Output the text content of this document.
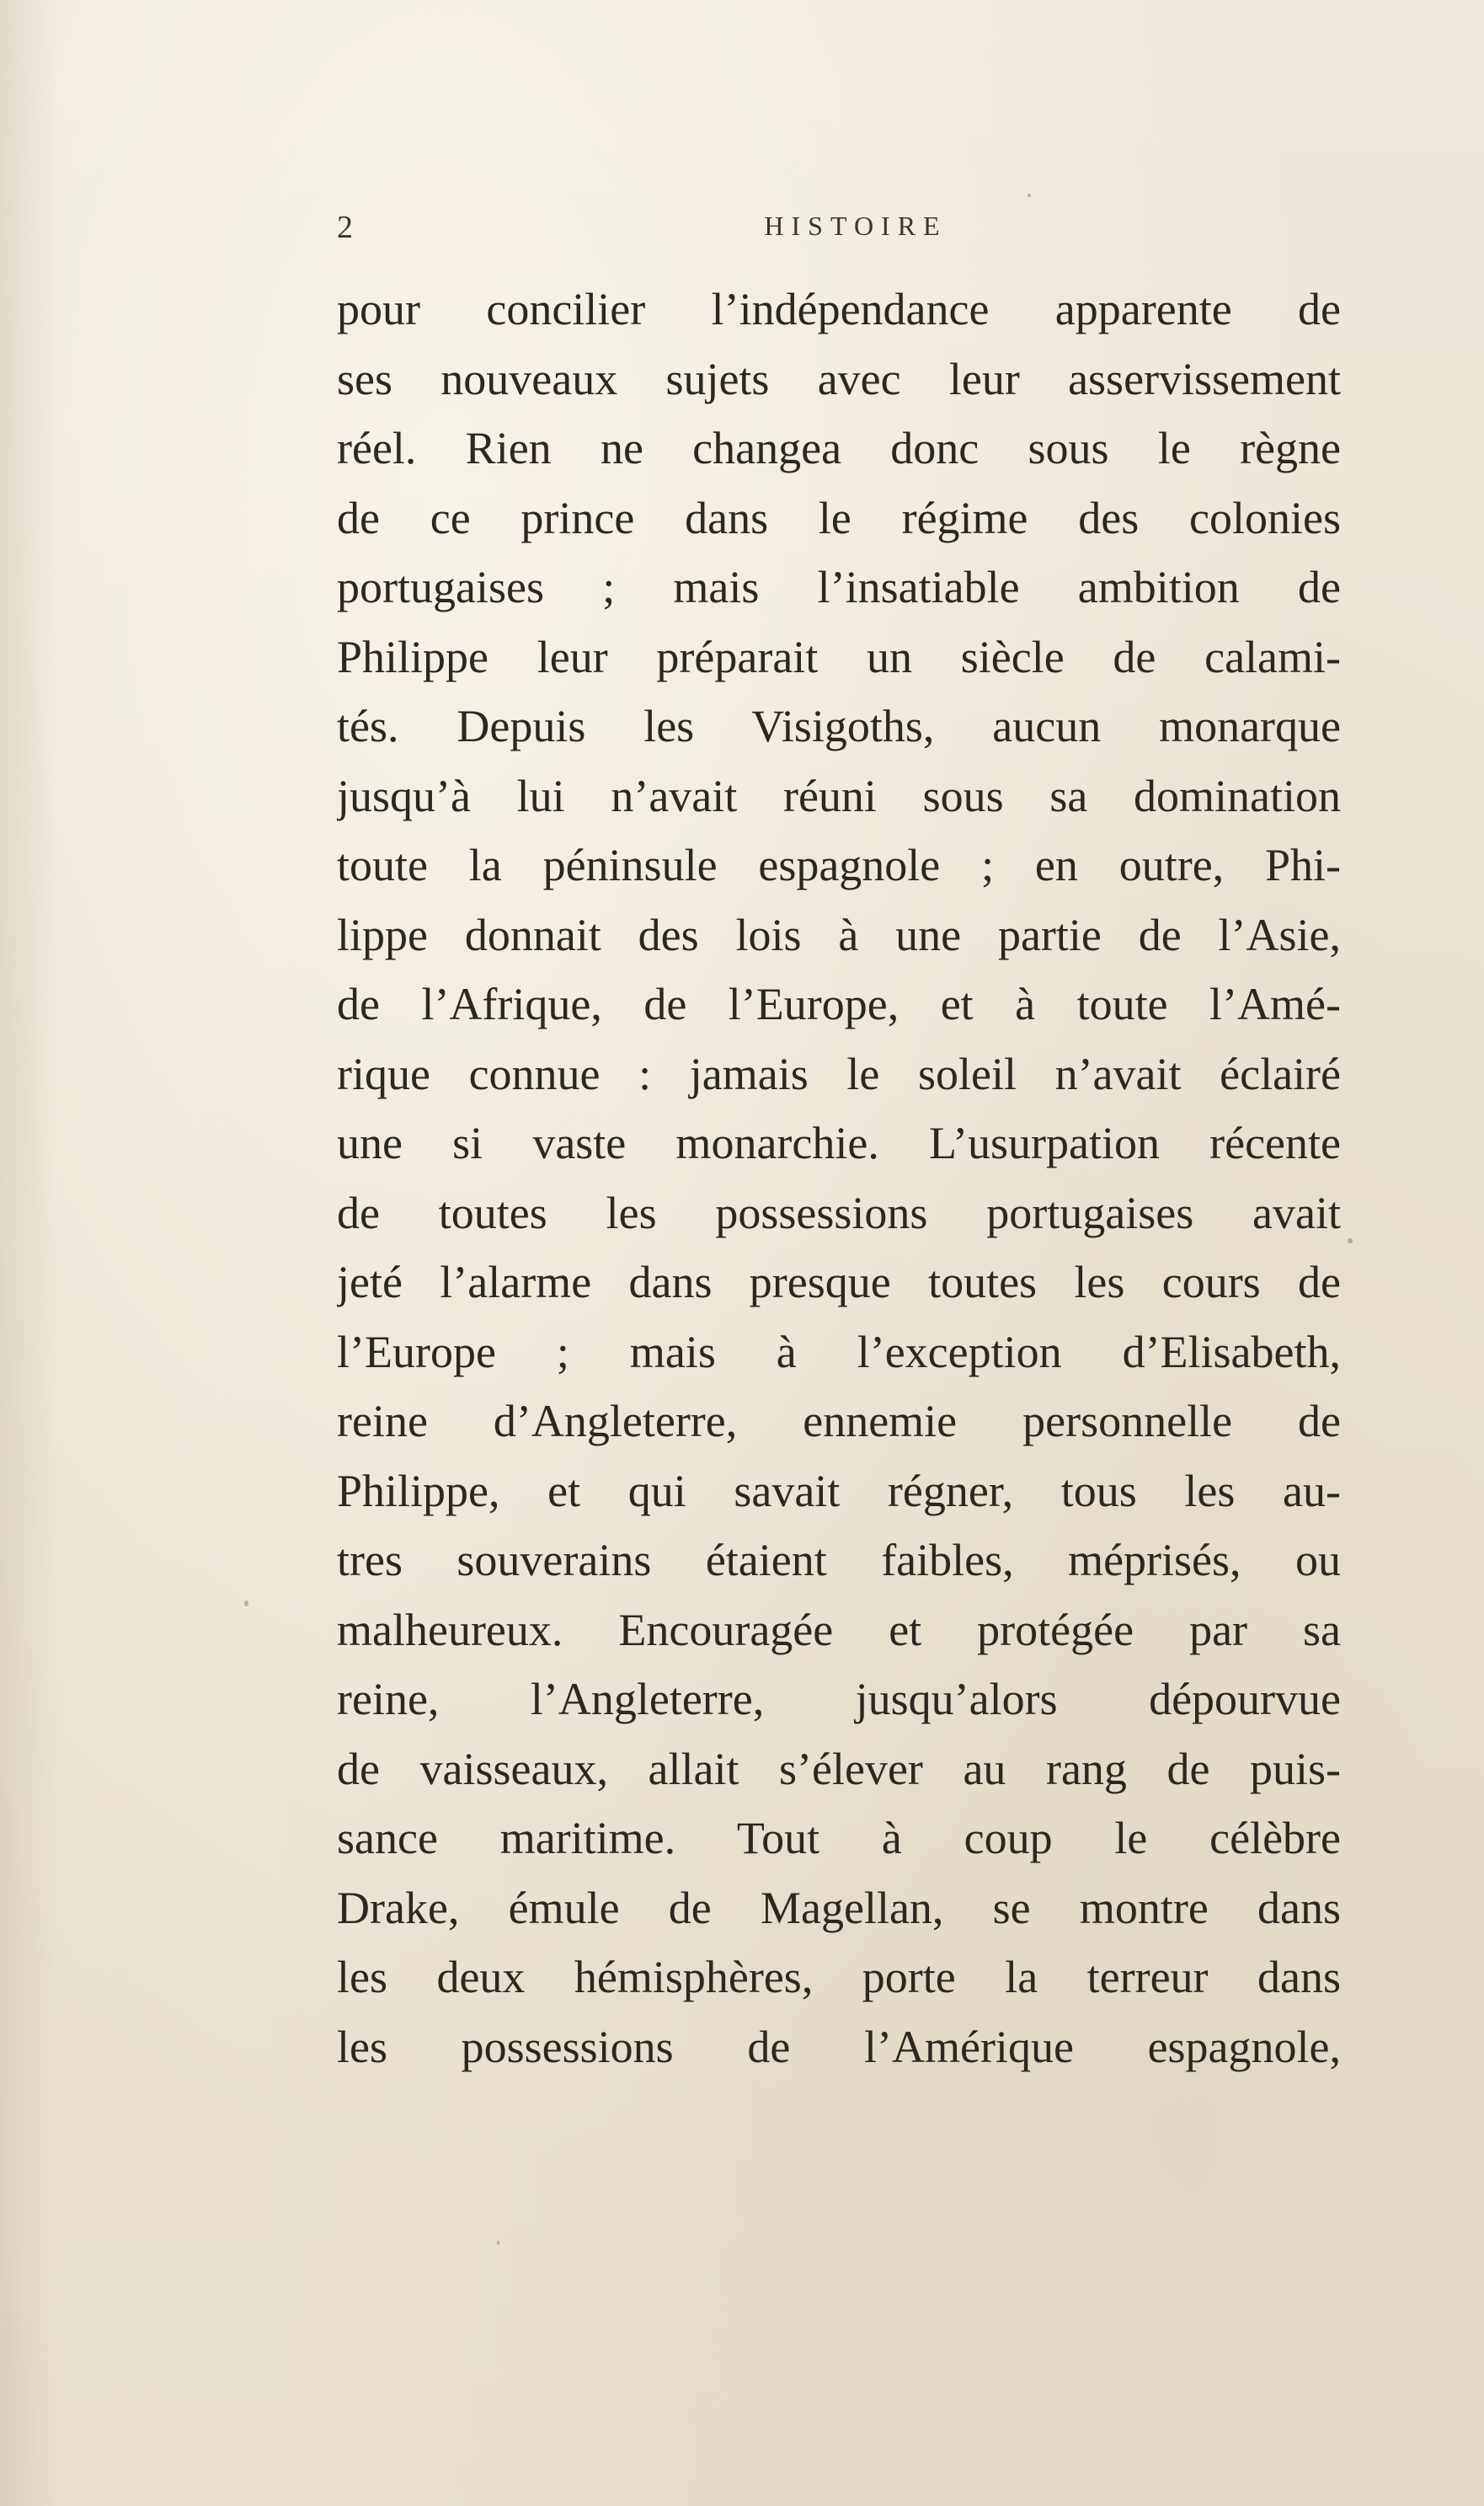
2	HISTOIRE
pour concilier l’indépendance apparente de
ses nouveaux sujets avec leur asservissement
réel. Rien ne changea donc sous le règne
de ce prince dans le régime des colonies
portugaises ; mais l’insatiable ambition de
Philippe leur préparait un siècle de calami-
tés. Depuis les Visigoths, aucun monarque
jusqu’à lui n’avait réuni sous sa domination
toute la péninsule espagnole ; en outre, Phi-
lippe donnait des lois à une partie de l’Asie,
de l’Afrique, de l’Europe, et à toute l’Amé-
rique connue : jamais le soleil n’avait éclairé
une si vaste monarchie. L’usurpation récente
de toutes les possessions portugaises avait
jeté l’alarme dans presque toutes les cours de
l’Europe ; mais à l’exception d’Elisabeth,
reine d’Angleterre, ennemie personnelle de
Philippe, et qui savait régner, tous les au-
tres souverains étaient faibles, méprisés, ou
malheureux. Encouragée et protégée par sa
reine, l’Angleterre, jusqu’alors dépourvue
de vaisseaux, allait s’élever au rang de puis-
sance maritime. Tout à coup le célèbre
Drake, émule de Magellan, se montre dans
les deux hémisphères, porte la terreur dans
les possessions de l’Amérique espagnole,
